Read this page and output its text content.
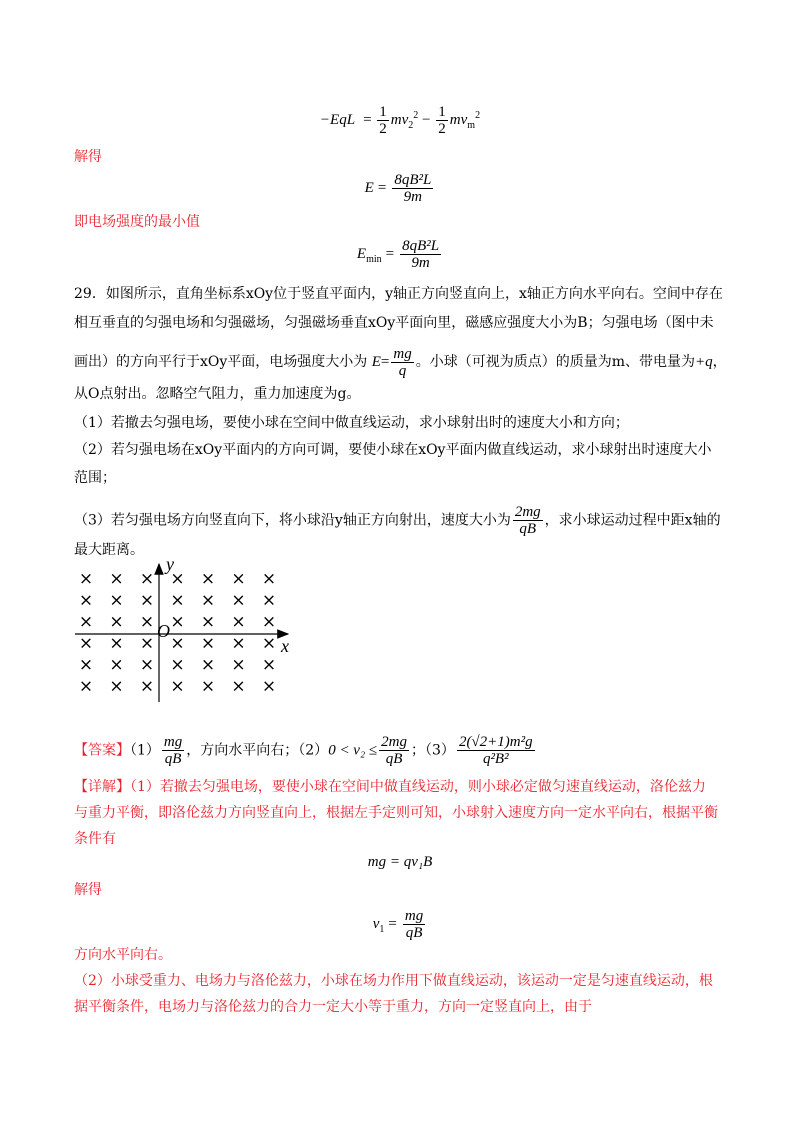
$-EqL = \frac{1}{2} mv_2^2 - \frac{1}{2} mv_m^2$
解得
$E = \frac{\text{8qB²L}}{9m}$
即电场强度的最小值
$E_{min} = \frac{\text{8qB²L}}{9m}$
29．如图所示，直角坐标系xOy位于竖直平面内，y轴正方向竖直向上，x轴正方向水平向右。空间中存在
相互垂直的匀强电场和匀强磁场，匀强磁场垂直xOy平面向里，磁感应强度大小为B；匀强电场（图中未
画出）的方向平行于xOy平面，电场强度大小为 $E= \frac{mg}{q}$ 。小球（可视为质点）的质量为m、带电量为+q，
从O点射出。忽略空气阻力，重力加速度为g。
（1）若撤去匀强电场，要使小球在空间中做直线运动，求小球射出时的速度大小和方向；
（2）若匀强电场在xOy平面内的方向可调，要使小球在xOy平面内做直线运动，求小球射出时速度大小
范围；
（3）若匀强电场方向竖直向下，将小球沿y轴正方向射出，速度大小为 $\frac{2mg}{qB}$ ，求小球运动过程中距x轴的
最大距离。
x
y
O
× × × × × × ×
× × × × × × ×
× × × × × × ×
× × × × × × ×
× × × × × × ×
× × × × × × ×
【答案】$(1) \frac{mg}{qB}$ ，方向水平向右；$(2)0 < v_2 \le \frac{2mg}{qB}$ ；$(3) \frac{\text{2(√2+1)m²g}}{\text{q²B²}}$
【详解】（1）若撤去匀强电场，要使小球在空间中做直线运动，则小球必定做匀速直线运动，洛伦兹力
与重力平衡，即洛伦兹力方向竖直向上，根据左手定则可知，小球射入速度方向一定水平向右，根据平衡
条件有
mg = qv₁B
解得
$v_1 = \frac{mg}{qB}$
方向水平向右。
（2）小球受重力、电场力与洛伦兹力，小球在场力作用下做直线运动，该运动一定是匀速直线运动，根
据平衡条件，电场力与洛伦兹力的合力一定大小等于重力，方向一定竖直向上，由于
